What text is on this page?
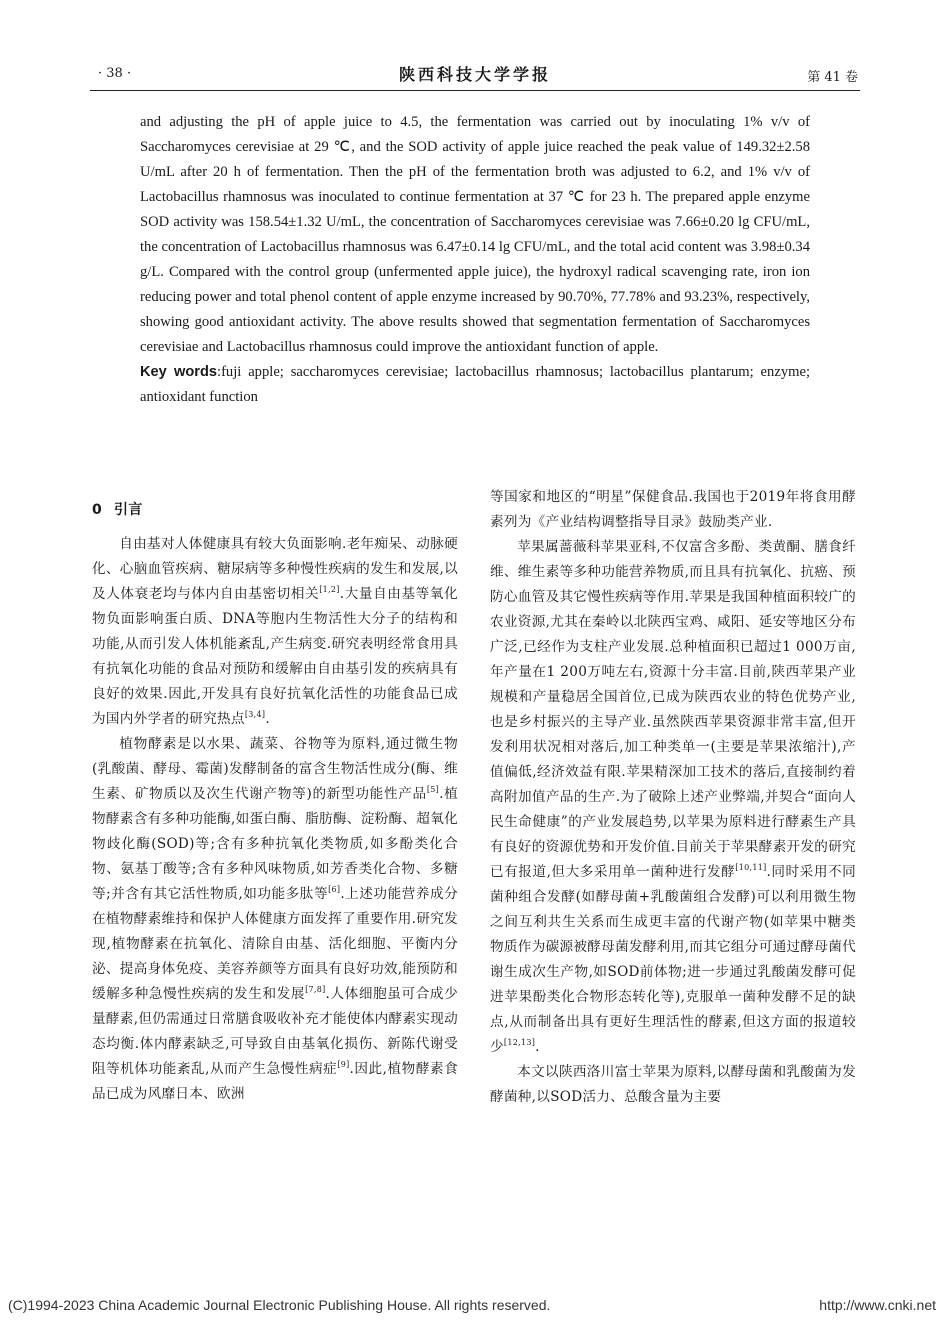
· 38 ·	陕西科技大学学报	第 41 卷

and adjusting the pH of apple juice to 4.5, the fermentation was carried out by inoculating 1% v/v of Saccharomyces cerevisiae at 29 ℃, and the SOD activity of apple juice reached the peak value of 149.32±2.58 U/mL after 20 h of fermentation. Then the pH of the fermentation broth was adjusted to 6.2, and 1% v/v of Lactobacillus rhamnosus was inoculated to continue fermentation at 37 ℃ for 23 h. The prepared apple enzyme SOD activity was 158.54±1.32 U/mL, the concentration of Saccharomyces cerevisiae was 7.66±0.20 lg CFU/mL, the concentration of Lactobacillus rhamnosus was 6.47±0.14 lg CFU/mL, and the total acid content was 3.98±0.34 g/L. Compared with the control group (unfermented apple juice), the hydroxyl radical scavenging rate, iron ion reducing power and total phenol content of apple enzyme increased by 90.70%, 77.78% and 93.23%, respectively, showing good antioxidant activity. The above results showed that segmentation fermentation of Saccharomyces cerevisiae and Lactobacillus rhamnosus could improve the antioxidant function of apple.

Key words:fuji apple; saccharomyces cerevisiae; lactobacillus rhamnosus; lactobacillus plantarum; enzyme; antioxidant function

0 引言

自由基对人体健康具有较大负面影响.老年痴呆、动脉硬化、心脑血管疾病、糖尿病等多种慢性疾病的发生和发展,以及人体衰老均与体内自由基密切相关[1,2].大量自由基等氧化物负面影响蛋白质、DNA等胞内生物活性大分子的结构和功能,从而引发人体机能紊乱,产生病变.研究表明经常食用具有抗氧化功能的食品对预防和缓解由自由基引发的疾病具有良好的效果.因此,开发具有良好抗氧化活性的功能食品已成为国内外学者的研究热点[3,4].

植物酵素是以水果、蔬菜、谷物等为原料,通过微生物(乳酸菌、酵母、霉菌)发酵制备的富含生物活性成分(酶、维生素、矿物质以及次生代谢产物等)的新型功能性产品[5].植物酵素含有多种功能酶,如蛋白酶、脂肪酶、淀粉酶、超氧化物歧化酶(SOD)等;含有多种抗氧化类物质,如多酚类化合物、氨基丁酸等;含有多种风味物质,如芳香类化合物、多糖等;并含有其它活性物质,如功能多肽等[6].上述功能营养成分在植物酵素维持和保护人体健康方面发挥了重要作用.研究发现,植物酵素在抗氧化、清除自由基、活化细胞、平衡内分泌、提高身体免疫、美容养颜等方面具有良好功效,能预防和缓解多种急慢性疾病的发生和发展[7,8].人体细胞虽可合成少量酵素,但仍需通过日常膳食吸收补充才能使体内酵素实现动态均衡.体内酵素缺乏,可导致自由基氧化损伤、新陈代谢受阻等机体功能紊乱,从而产生急慢性病症[9].因此,植物酵素食品已成为风靡日本、欧洲

等国家和地区的“明星”保健食品.我国也于2019年将食用酵素列为《产业结构调整指导目录》鼓励类产业.

苹果属蔷薇科苹果亚科,不仅富含多酚、类黄酮、膳食纤维、维生素等多种功能营养物质,而且具有抗氧化、抗癌、预防心血管及其它慢性疾病等作用.苹果是我国种植面积较广的农业资源,尤其在秦岭以北陕西宝鸡、咸阳、延安等地区分布广泛,已经作为支柱产业发展.总种植面积已超过1 000万亩,年产量在1 200万吨左右,资源十分丰富.目前,陕西苹果产业规模和产量稳居全国首位,已成为陕西农业的特色优势产业,也是乡村振兴的主导产业.虽然陕西苹果资源非常丰富,但开发利用状况相对落后,加工种类单一(主要是苹果浓缩汁),产值偏低,经济效益有限.苹果精深加工技术的落后,直接制约着高附加值产品的生产.为了破除上述产业弊端,并契合“面向人民生命健康”的产业发展趋势,以苹果为原料进行酵素生产具有良好的资源优势和开发价值.目前关于苹果酵素开发的研究已有报道,但大多采用单一菌种进行发酵[10,11].同时采用不同菌种组合发酵(如酵母菌+乳酸菌组合发酵)可以利用微生物之间互利共生关系而生成更丰富的代谢产物(如苹果中糖类物质作为碳源被酵母菌发酵利用,而其它组分可通过酵母菌代谢生成次生产物,如SOD前体物;进一步通过乳酸菌发酵可促进苹果酚类化合物形态转化等),克服单一菌种发酵不足的缺点,从而制备出具有更好生理活性的酵素,但这方面的报道较少[12,13].

本文以陕西洛川富士苹果为原料,以酵母菌和乳酸菌为发酵菌种,以SOD活力、总酸含量为主要

(C)1994-2023 China Academic Journal Electronic Publishing House. All rights reserved.	http://www.cnki.net
